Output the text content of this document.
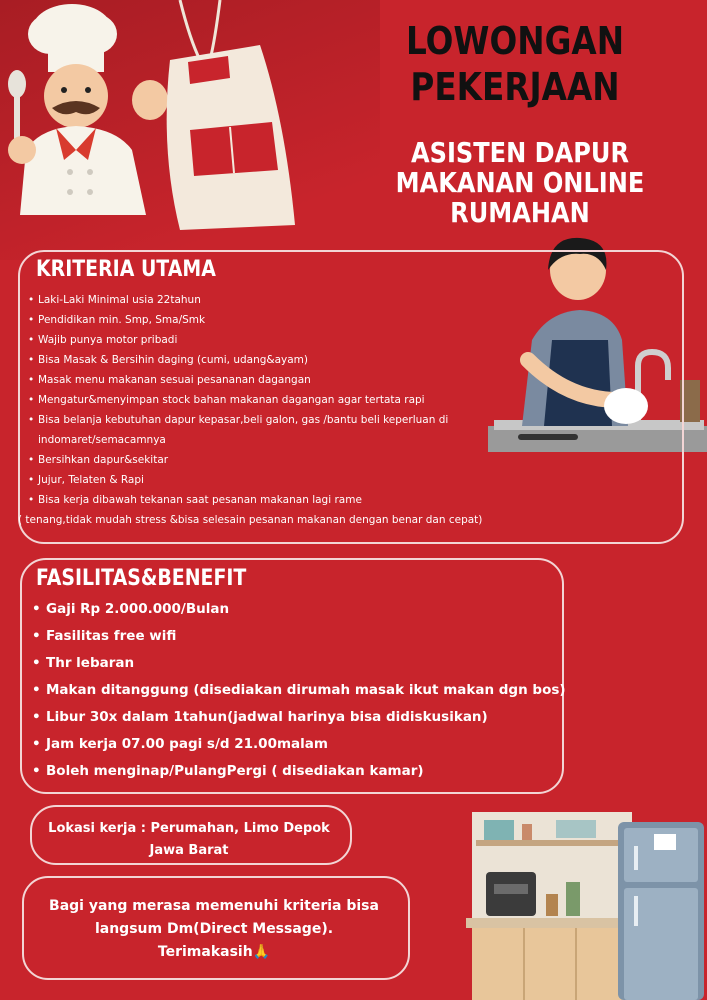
LOWONGAN
PEKERJAAN
ASISTEN DAPUR
MAKANAN ONLINE
RUMAHAN
KRITERIA UTAMA
• Laki-Laki Minimal usia 22tahun
• Pendidikan min. Smp, Sma/Smk
• Wajib punya motor pribadi
• Bisa Masak & Bersihin daging (cumi, udang&ayam)
• Masak menu makanan sesuai pesananan dagangan
• Mengatur&menyimpan stock bahan makanan dagangan agar tertata rapi
• Bisa belanja kebutuhan dapur kepasar,beli galon, gas /bantu beli keperluan di
indomaret/semacamnya
• Bersihkan dapur&sekitar
• Jujur, Telaten & Rapi
• Bisa kerja dibawah tekanan saat pesanan makanan lagi rame
( tenang,tidak mudah stress &bisa selesain pesanan makanan dengan benar dan cepat)
FASILITAS&BENEFIT
• Gaji Rp 2.000.000/Bulan
• Fasilitas free wifi
• Thr lebaran
• Makan ditanggung (disediakan dirumah masak ikut makan dgn bos)
• Libur 30x dalam 1tahun(jadwal harinya bisa didiskusikan)
• Jam kerja 07.00 pagi s/d 21.00malam
• Boleh menginap/PulangPergi ( disediakan kamar)
Lokasi kerja : Perumahan, Limo Depok
Jawa Barat
Bagi yang merasa memenuhi kriteria bisa
langsum Dm(Direct Message).
Terimakasih🙏
